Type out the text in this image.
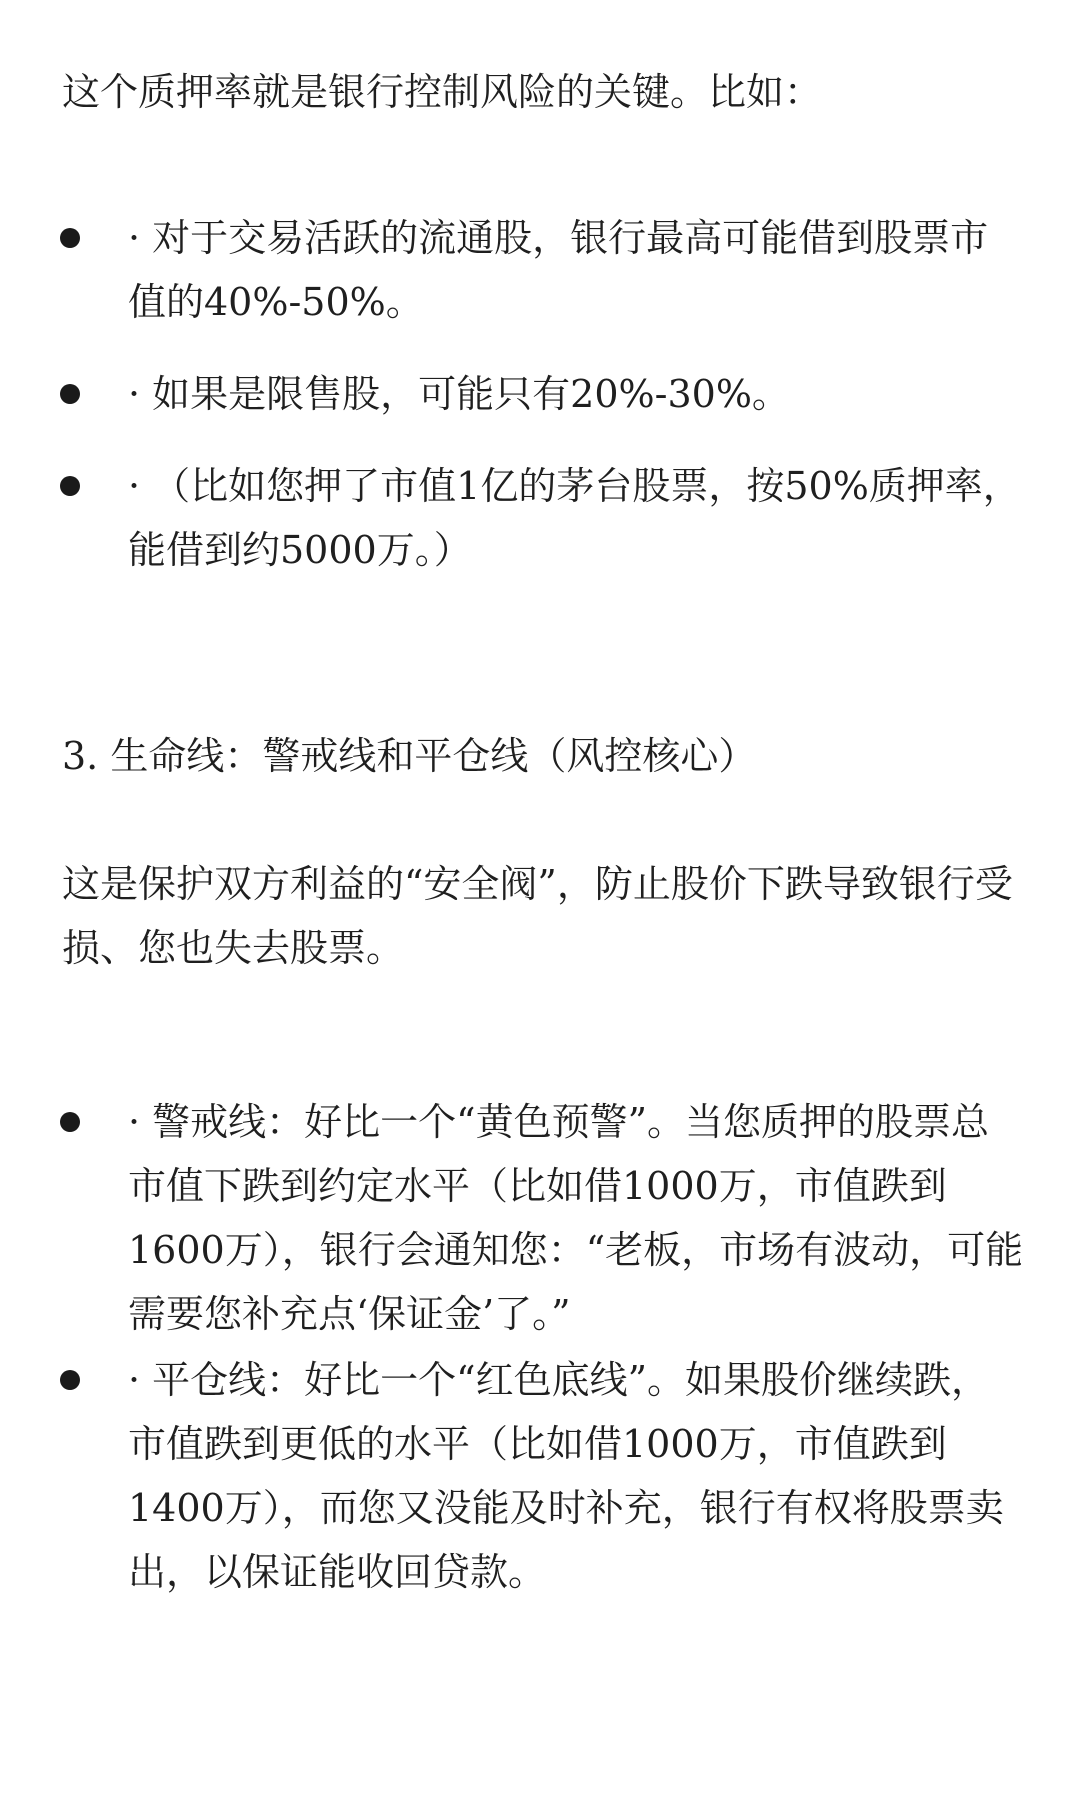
这个质押率就是银行控制风险的关键。比如：

· 对于交易活跃的流通股，银行最高可能借到股票市值的40%-50%。
· 如果是限售股，可能只有20%-30%。
· （比如您押了市值1亿的茅台股票，按50%质押率，能借到约5000万。）

3. 生命线：警戒线和平仓线（风控核心）

这是保护双方利益的“安全阀”，防止股价下跌导致银行受损、您也失去股票。

· 警戒线：好比一个“黄色预警”。当您质押的股票总市值下跌到约定水平（比如借1000万，市值跌到1600万），银行会通知您：“老板，市场有波动，可能需要您补充点‘保证金’了。”
· 平仓线：好比一个“红色底线”。如果股价继续跌，市值跌到更低的水平（比如借1000万，市值跌到1400万），而您又没能及时补充，银行有权将股票卖出，以保证能收回贷款。
